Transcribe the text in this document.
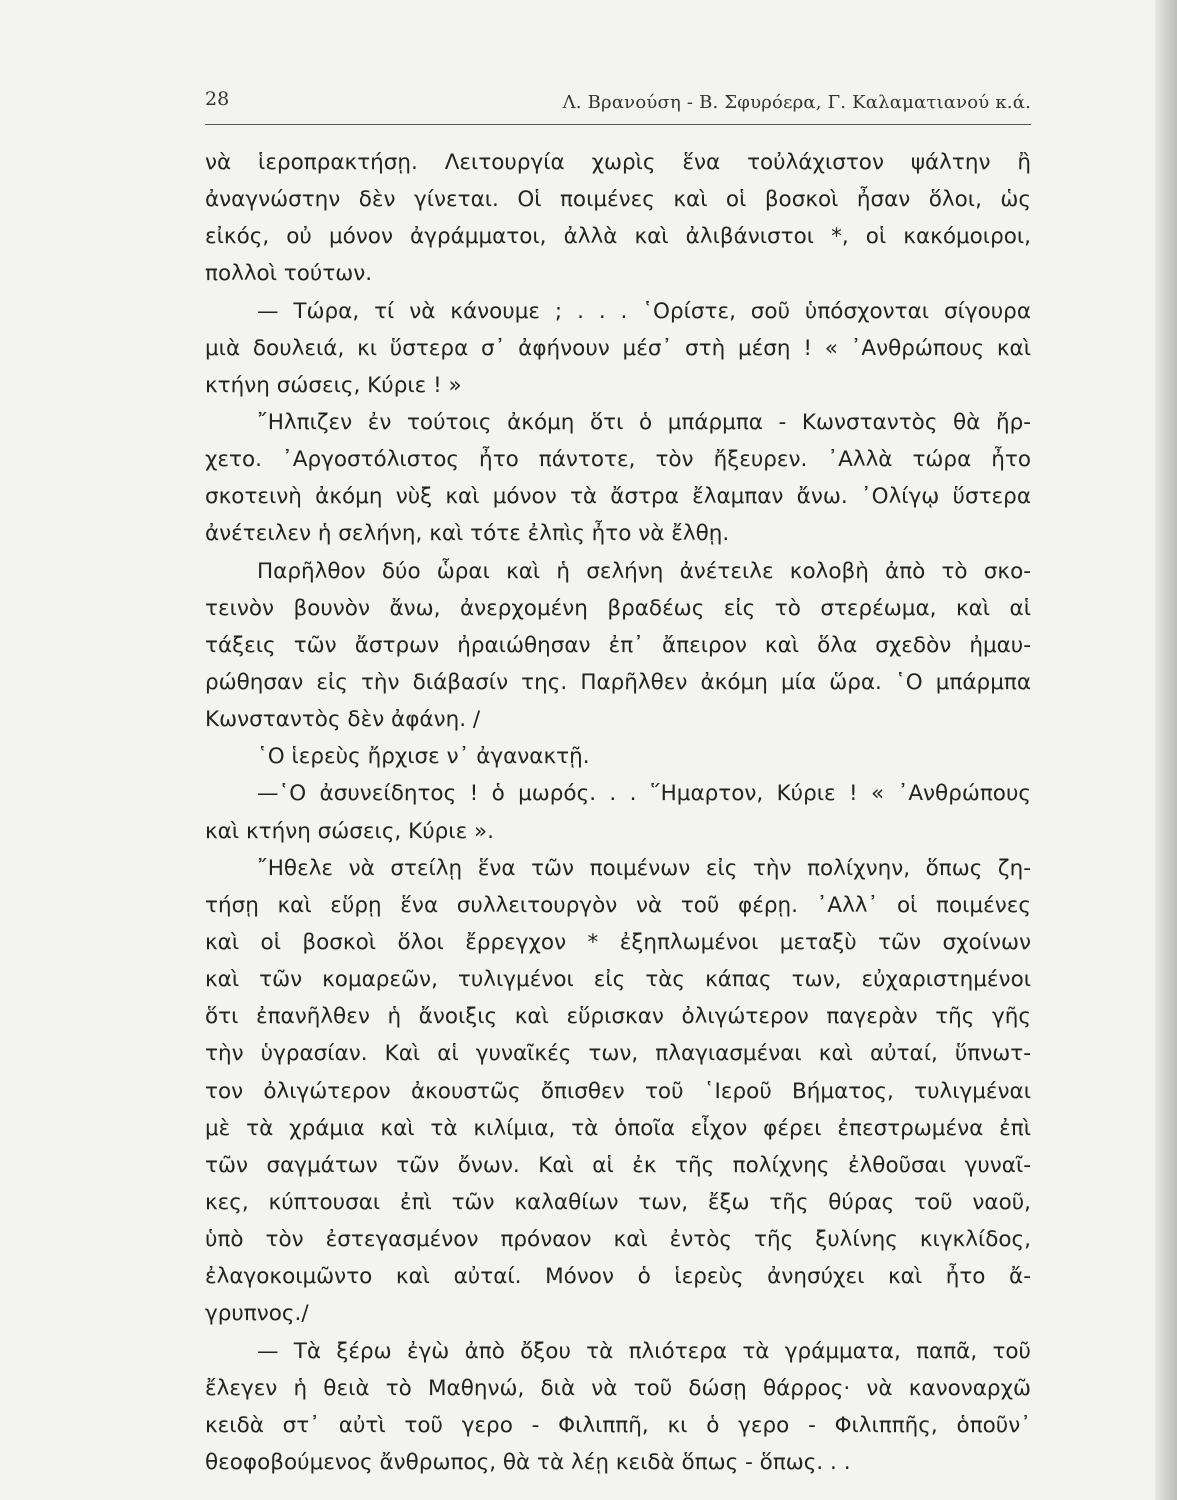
28	Λ. Βρανούση - Β. Σφυρόερα, Γ. Καλαματιανού κ.ά.
νὰ ἱεροπρακτήσῃ. Λειτουργία χωρὶς ἕνα τοὐλάχιστον ψάλτην ἢ
ἀναγνώστην δὲν γίνεται. Οἱ ποιμένες καὶ οἱ βοσκοὶ ἦσαν ὅλοι, ὡς
εἰκός, οὐ μόνον ἀγράμματοι, ἀλλὰ καὶ ἀλιβάνιστοι *, οἱ κακόμοιροι,
πολλοὶ τούτων.
— Τώρα, τί νὰ κάνουμε ; . . . ῾Ορίστε, σοῦ ὑπόσχονται σίγουρα
μιὰ δουλειά, κι ὕστερα σ᾽ ἀφήνουν μέσ᾽ στὴ μέση ! « ᾽Ανθρώπους καὶ
κτήνη σώσεις, Κύριε ! »
῎Ηλπιζεν ἐν τούτοις ἀκόμη ὅτι ὁ μπάρμπα - Κωνσταντὸς θὰ ἤρ-
χετο. ᾽Αργοστόλιστος ἦτο πάντοτε, τὸν ἤξευρεν. ᾽Αλλὰ τώρα ἦτο
σκοτεινὴ ἀκόμη νὺξ καὶ μόνον τὰ ἄστρα ἔλαμπαν ἄνω. ᾽Ολίγῳ ὕστερα
ἀνέτειλεν ἡ σελήνη, καὶ τότε ἐλπὶς ἦτο νὰ ἔλθῃ.
Παρῆλθον δύο ὧραι καὶ ἡ σελήνη ἀνέτειλε κολοβὴ ἀπὸ τὸ σκο-
τεινὸν βουνὸν ἄνω, ἀνερχομένη βραδέως εἰς τὸ στερέωμα, καὶ αἱ
τάξεις τῶν ἄστρων ἠραιώθησαν ἐπ᾽ ἄπειρον καὶ ὅλα σχεδὸν ἠμαυ-
ρώθησαν εἰς τὴν διάβασίν της. Παρῆλθεν ἀκόμη μία ὥρα. ῾Ο μπάρμπα
Κωνσταντὸς δὲν ἀφάνη. /
῾Ο ἱερεὺς ἤρχισε ν᾽ ἀγανακτῇ.
—῾Ο ἀσυνείδητος ! ὁ μωρός. . . ῞Ημαρτον, Κύριε ! « ᾽Ανθρώπους
καὶ κτήνη σώσεις, Κύριε ».
῎Ηθελε νὰ στείλῃ ἕνα τῶν ποιμένων εἰς τὴν πολίχνην, ὅπως ζη-
τήσῃ καὶ εὕρῃ ἕνα συλλειτουργὸν νὰ τοῦ φέρῃ. ᾽Αλλ᾽ οἱ ποιμένες
καὶ οἱ βοσκοὶ ὅλοι ἔρρεγχον * ἐξηπλωμένοι μεταξὺ τῶν σχοίνων
καὶ τῶν κομαρεῶν, τυλιγμένοι εἰς τὰς κάπας των, εὐχαριστημένοι
ὅτι ἐπανῆλθεν ἡ ἄνοιξις καὶ εὕρισκαν ὀλιγώτερον παγερὰν τῆς γῆς
τὴν ὑγρασίαν. Καὶ αἱ γυναῖκές των, πλαγιασμέναι καὶ αὐταί, ὕπνωτ-
τον ὀλιγώτερον ἀκουστῶς ὄπισθεν τοῦ ῾Ιεροῦ Βήματος, τυλιγμέναι
μὲ τὰ χράμια καὶ τὰ κιλίμια, τὰ ὁποῖα εἶχον φέρει ἐπεστρωμένα ἐπὶ
τῶν σαγμάτων τῶν ὄνων. Καὶ αἱ ἐκ τῆς πολίχνης ἐλθοῦσαι γυναῖ-
κες, κύπτουσαι ἐπὶ τῶν καλαθίων των, ἔξω τῆς θύρας τοῦ ναοῦ,
ὑπὸ τὸν ἐστεγασμένον πρόναον καὶ ἐντὸς τῆς ξυλίνης κιγκλίδος,
ἐλαγοκοιμῶντο καὶ αὐταί. Μόνον ὁ ἱερεὺς ἀνησύχει καὶ ἦτο ἄ-
γρυπνος./
— Τὰ ξέρω ἐγὼ ἀπὸ ὄξου τὰ πλιότερα τὰ γράμματα, παπᾶ, τοῦ
ἔλεγεν ἡ θειὰ τὸ Μαθηνώ, διὰ νὰ τοῦ δώσῃ θάρρος· νὰ κανοναρχῶ
κειδὰ στ᾽ αὐτὶ τοῦ γερο - Φιλιππῆ, κι ὁ γερο - Φιλιππῆς, ὁποῦν᾽
θεοφοβούμενος ἄνθρωπος, θὰ τὰ λέῃ κειδὰ ὅπως - ὅπως. . .
